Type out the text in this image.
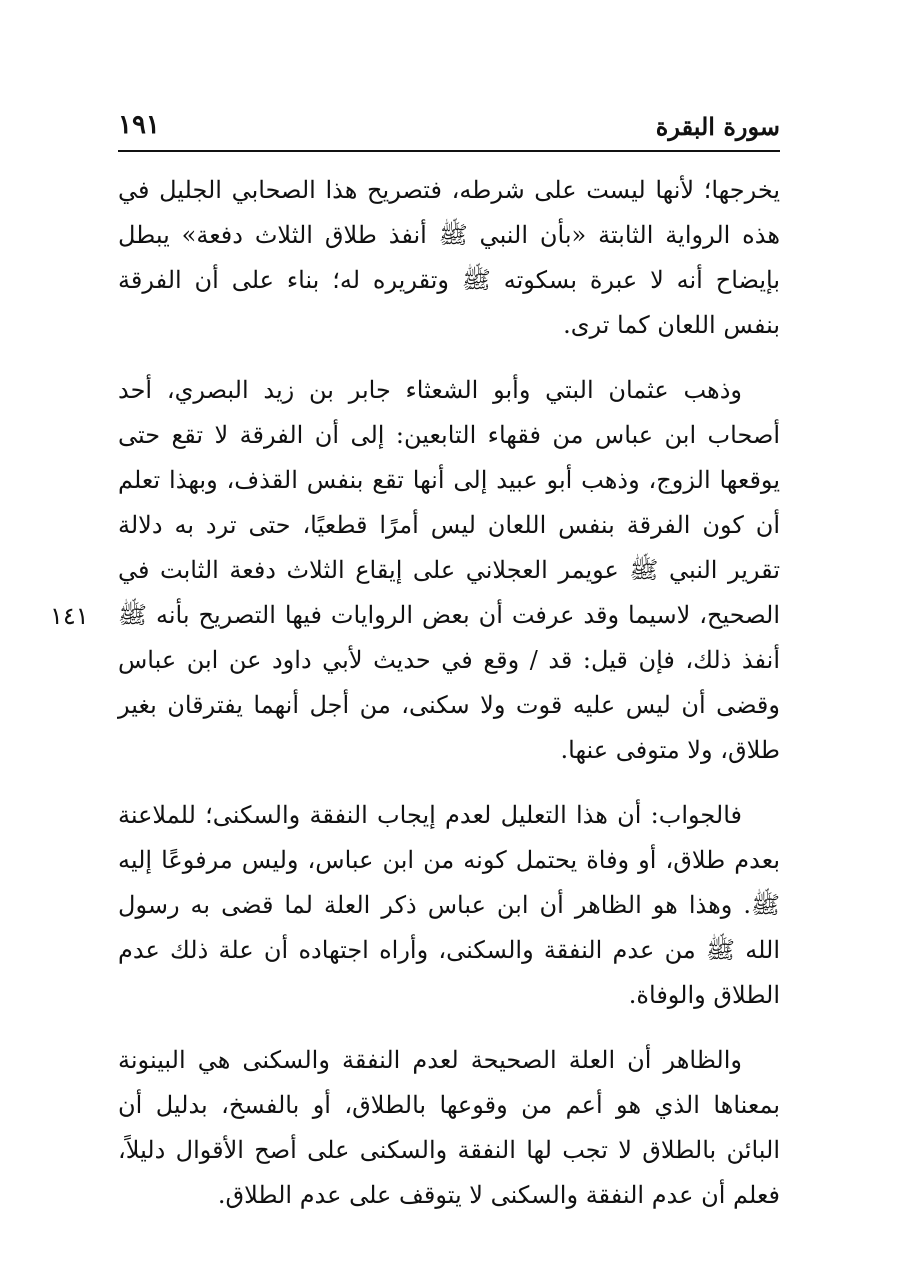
سورة البقرة
١٩١
١٤١

يخرجها؛ لأنها ليست على شرطه، فتصريح هذا الصحابي الجليل في هذه الرواية الثابتة «بأن النبي ﷺ أنفذ طلاق الثلاث دفعة» يبطل بإيضاح أنه لا عبرة بسكوته ﷺ وتقريره له؛ بناء على أن الفرقة بنفس اللعان كما ترى.

وذهب عثمان البتي وأبو الشعثاء جابر بن زيد البصري، أحد أصحاب ابن عباس من فقهاء التابعين: إلى أن الفرقة لا تقع حتى يوقعها الزوج، وذهب أبو عبيد إلى أنها تقع بنفس القذف، وبهذا تعلم أن كون الفرقة بنفس اللعان ليس أمرًا قطعيًا، حتى ترد به دلالة تقرير النبي ﷺ عويمر العجلاني على إيقاع الثلاث دفعة الثابت في الصحيح، لاسيما وقد عرفت أن بعض الروايات فيها التصريح بأنه ﷺ أنفذ ذلك، فإن قيل: قد / وقع في حديث لأبي داود عن ابن عباس وقضى أن ليس عليه قوت ولا سكنى، من أجل أنهما يفترقان بغير طلاق، ولا متوفى عنها.

فالجواب: أن هذا التعليل لعدم إيجاب النفقة والسكنى؛ للملاعنة بعدم طلاق، أو وفاة يحتمل كونه من ابن عباس، وليس مرفوعًا إليه ﷺ. وهذا هو الظاهر أن ابن عباس ذكر العلة لما قضى به رسول الله ﷺ من عدم النفقة والسكنى، وأراه اجتهاده أن علة ذلك عدم الطلاق والوفاة.

والظاهر أن العلة الصحيحة لعدم النفقة والسكنى هي البينونة بمعناها الذي هو أعم من وقوعها بالطلاق، أو بالفسخ، بدليل أن البائن بالطلاق لا تجب لها النفقة والسكنى على أصح الأقوال دليلاً، فعلم أن عدم النفقة والسكنى لا يتوقف على عدم الطلاق.
